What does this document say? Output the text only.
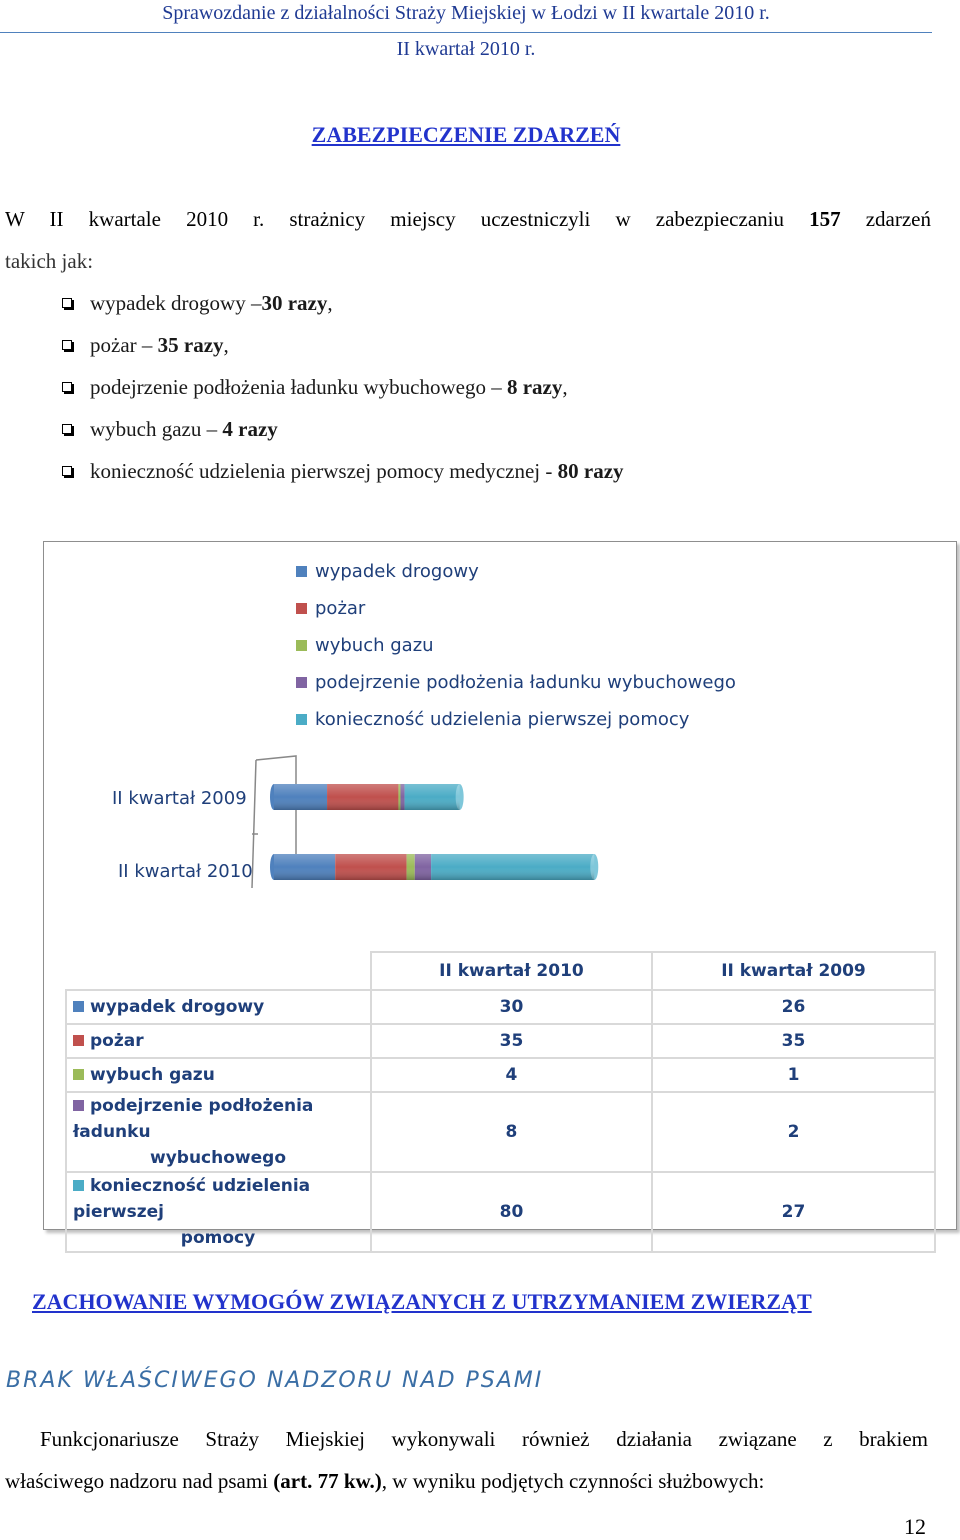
Sprawozdanie z działalności Straży Miejskiej w Łodzi w II kwartale 2010 r.
II kwartał 2010 r.
ZABEZPIECZENIE ZDARZEŃ
W II kwartale 2010 r. strażnicy miejscy uczestniczyli w zabezpieczaniu 157 zdarzeń
takich jak:
wypadek drogowy –30 razy,
pożar – 35 razy,
podejrzenie podłożenia ładunku wybuchowego – 8 razy,
wybuch gazu – 4 razy
konieczność udzielenia pierwszej pomocy medycznej - 80 razy
wypadek drogowy
pożar
wybuch gazu
podejrzenie podłożenia ładunku wybuchowego
konieczność udzielenia pierwszej pomocy
II kwartał 2009
II kwartał 2010
	II kwartał 2010	II kwartał 2009
wypadek drogowy	30	26
pożar	35	35
wybuch gazu	4	1
podejrzenie podłożenia ładunku

wybuchowego	8	2
konieczność udzielenia pierwszej

pomocy	80	27
ZACHOWANIE WYMOGÓW ZWIĄZANYCH Z UTRZYMANIEM ZWIERZĄT
BRAK WŁAŚCIWEGO NADZORU NAD PSAMI
Funkcjonariusze Straży Miejskiej wykonywali również działania związane z brakiem
właściwego nadzoru nad psami (art. 77 kw.), w wyniku podjętych czynności służbowych:
12
